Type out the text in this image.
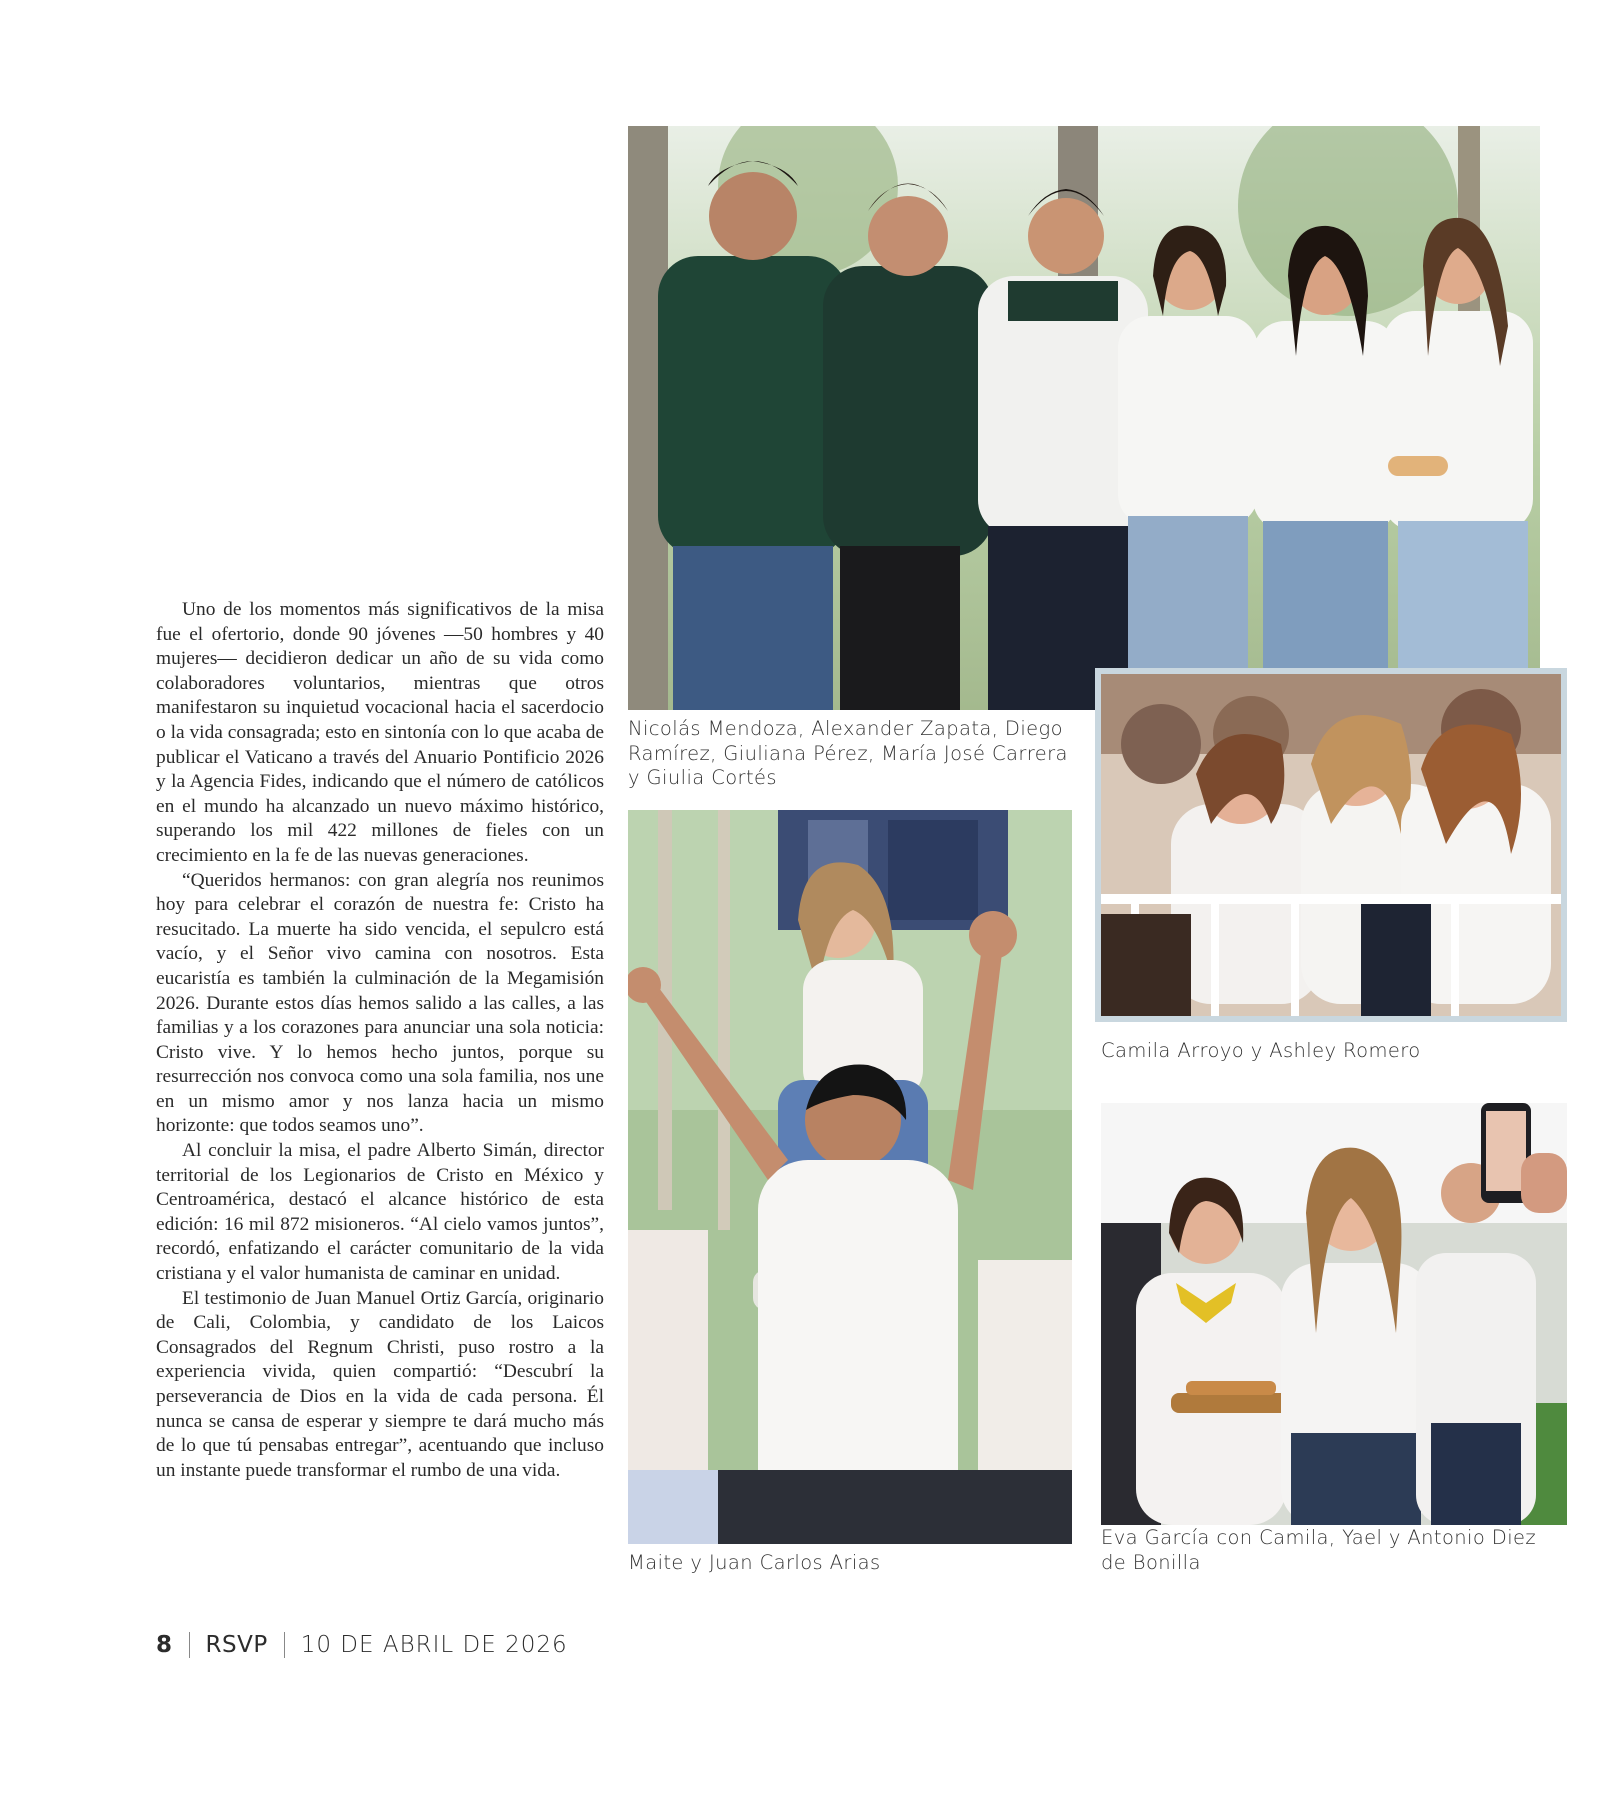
Uno de los momentos más significativos de la misa fue el ofertorio, donde 90 jóvenes —50 hombres y 40 mujeres— decidieron dedicar un año de su vida como colaboradores voluntarios, mientras que otros manifestaron su inquietud vocacional hacia el sacerdocio o la vida consagrada; esto en sintonía con lo que acaba de publicar el Vaticano a través del Anuario Pontificio 2026 y la Agencia Fides, indicando que el número de católicos en el mundo ha alcanzado un nuevo máximo histórico, superando los mil 422 millones de fieles con un crecimiento en la fe de las nuevas generaciones.

“Queridos hermanos: con gran alegría nos reunimos hoy para celebrar el corazón de nuestra fe: Cristo ha resucitado. La muerte ha sido vencida, el sepulcro está vacío, y el Señor vivo camina con nosotros. Esta eucaristía es también la culminación de la Megamisión 2026. Durante estos días hemos salido a las calles, a las familias y a los corazones para anunciar una sola noticia: Cristo vive. Y lo hemos hecho juntos, porque su resurrección nos convoca como una sola familia, nos une en un mismo amor y nos lanza hacia un mismo horizonte: que todos seamos uno”.

Al concluir la misa, el padre Alberto Simán, director territorial de los Legionarios de Cristo en México y Centroamérica, destacó el alcance histórico de esta edición: 16 mil 872 misioneros. “Al cielo vamos juntos”, recordó, enfatizando el carácter comunitario de la vida cristiana y el valor humanista de caminar en unidad.

El testimonio de Juan Manuel Ortiz García, originario de Cali, Colombia, y candidato de los Laicos Consagrados del Regnum Christi, puso rostro a la experiencia vivida, quien compartió: “Descubrí la perseverancia de Dios en la vida de cada persona. Él nunca se cansa de esperar y siempre te dará mucho más de lo que tú pensabas entregar”, acentuando que incluso un instante puede transformar el rumbo de una vida.

Nicolás Mendoza, Alexander Zapata, Diego Ramírez, Giuliana Pérez, María José Carrera y Giulia Cortés
Camila Arroyo y Ashley Romero
Maite y Juan Carlos Arias
Eva García con Camila, Yael y Antonio Diez de Bonilla
8 RSVP 10 DE ABRIL DE 2026
